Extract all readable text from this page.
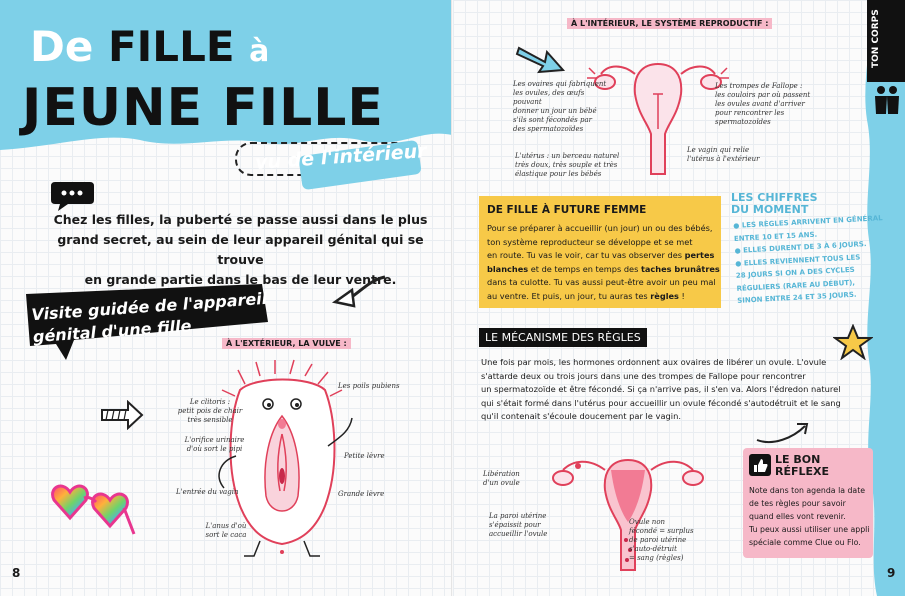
De FILLE à
JEUNE FILLE
vu de l'intérieur
Chez les filles, la puberté se passe aussi dans le plus
grand secret, au sein de leur appareil génital qui se trouve
en grande partie dans le bas de leur ventre.
Visite guidée de l'appareil
génital d'une fille	À L'EXTÉRIEUR, LA VULVE :
Les poils pubiens
Le clitoris :
petit pois de chair
très sensible
L'orifice urinaire
d'où sort le pipi
Petite lèvre
L'entrée du vagin	Grande lèvre
L'anus d'où
sort le caca
8
TON CORPS
À L'INTÉRIEUR, LE SYSTÈME REPRODUCTIF :
Les ovaires qui fabriquent
les ovules, des œufs pouvant
donner un jour un bébé
s'ils sont fécondés par
des spermatozoïdes
Les trompes de Fallope :
les couloirs par où passent
les ovules avant d'arriver
pour rencontrer les
spermatozoïdes
Le vagin qui relie
l'utérus à l'extérieur
L'utérus : un berceau naturel
très doux, très souple et très
élastique pour les bébés
DE FILLE À FUTURE FEMME
Pour se préparer à accueillir (un jour) un ou des bébés,
ton système reproducteur se développe et se met
en route. Tu vas le voir, car tu vas observer des pertes
blanches et de temps en temps des taches brunâtres
dans ta culotte. Tu vas aussi peut-être avoir un peu mal
au ventre. Et puis, un jour, tu auras tes règles !
LES CHIFFRES
DU MOMENT
● LES RÈGLES ARRIVENT EN GÉNÉRAL
ENTRE 10 ET 15 ANS.
● ELLES DURENT DE 3 À 6 JOURS.
● ELLES REVIENNENT TOUS LES
28 JOURS SI ON A DES CYCLES
RÉGULIERS (RARE AU DÉBUT),
SINON ENTRE 24 ET 35 JOURS.
LE MÉCANISME DES RÈGLES
Une fois par mois, les hormones ordonnent aux ovaires de libérer un ovule. L'ovule
s'attarde deux ou trois jours dans une des trompes de Fallope pour rencontrer
un spermatozoïde et être fécondé. Si ça n'arrive pas, il s'en va. Alors l'édredon naturel
qui s'était formé dans l'utérus pour accueillir un ovule fécondé s'autodétruit et le sang
qu'il contenait s'écoule doucement par le vagin.
Libération
d'un ovule
La paroi utérine
s'épaissit pour
accueillir l'ovule
Ovule non
fécondé = surplus
de paroi utérine
s'auto-détruit
= sang (règles)
LE BON
RÉFLEXE
Note dans ton agenda la date
de tes règles pour savoir
quand elles vont revenir.
Tu peux aussi utiliser une appli
spéciale comme Clue ou Flo.
9
